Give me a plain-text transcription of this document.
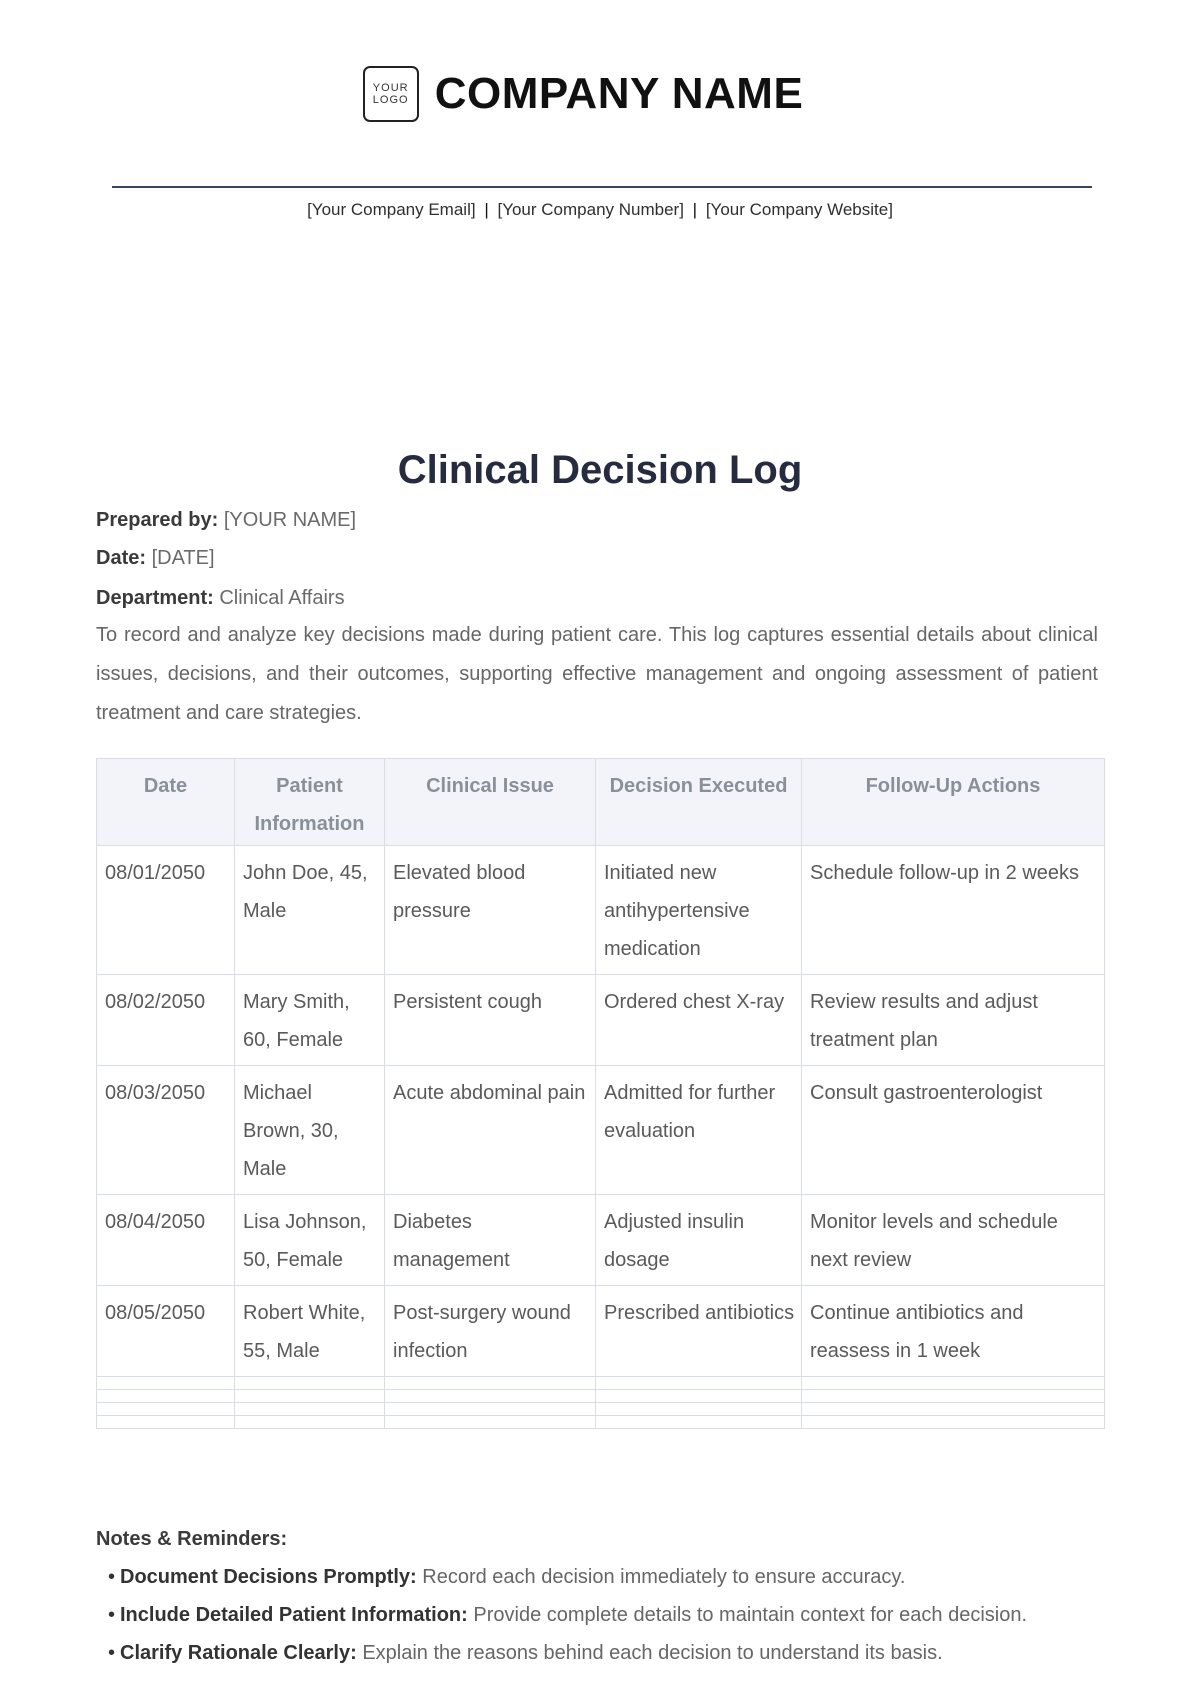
YOUR
LOGO COMPANY NAME
[Your Company Email] | [Your Company Number] | [Your Company Website]
Clinical Decision Log
Prepared by: [YOUR NAME]
Date: [DATE]
Department: Clinical Affairs
To record and analyze key decisions made during patient care. This log captures essential details about clinical issues, decisions, and their outcomes, supporting effective management and ongoing assessment of patient treatment and care strategies.
Date	Patient Information	Clinical Issue	Decision Executed	Follow-Up Actions
08/01/2050	John Doe, 45, Male	Elevated blood pressure	Initiated new antihypertensive medication	Schedule follow-up in 2 weeks
08/02/2050	Mary Smith, 60, Female	Persistent cough	Ordered chest X-ray	Review results and adjust treatment plan
08/03/2050	Michael Brown, 30, Male	Acute abdominal pain	Admitted for further evaluation	Consult gastroenterologist
08/04/2050	Lisa Johnson, 50, Female	Diabetes management	Adjusted insulin dosage	Monitor levels and schedule next review
08/05/2050	Robert White, 55, Male	Post-surgery wound infection	Prescribed antibiotics	Continue antibiotics and reassess in 1 week

Notes & Reminders:
• Document Decisions Promptly: Record each decision immediately to ensure accuracy.
• Include Detailed Patient Information: Provide complete details to maintain context for each decision.
• Clarify Rationale Clearly: Explain the reasons behind each decision to understand its basis.
